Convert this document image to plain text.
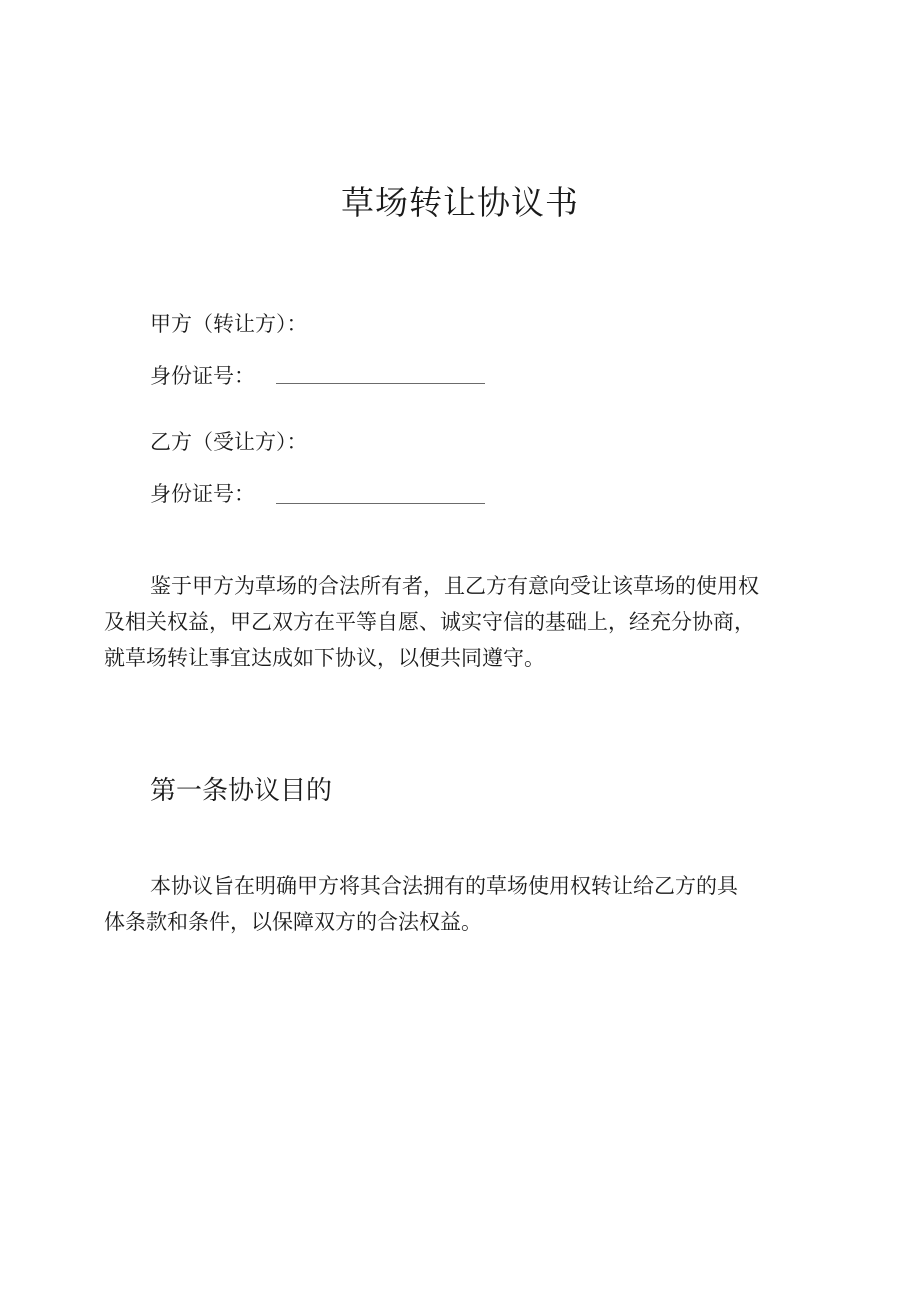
草场转让协议书
甲方（转让方）：
身份证号：
乙方（受让方）：
身份证号：
鉴于甲方为草场的合法所有者，且乙方有意向受让该草场的使用权
及相关权益，甲乙双方在平等自愿、诚实守信的基础上，经充分协商，
就草场转让事宜达成如下协议，以便共同遵守。
第一条协议目的
本协议旨在明确甲方将其合法拥有的草场使用权转让给乙方的具
体条款和条件，以保障双方的合法权益。
